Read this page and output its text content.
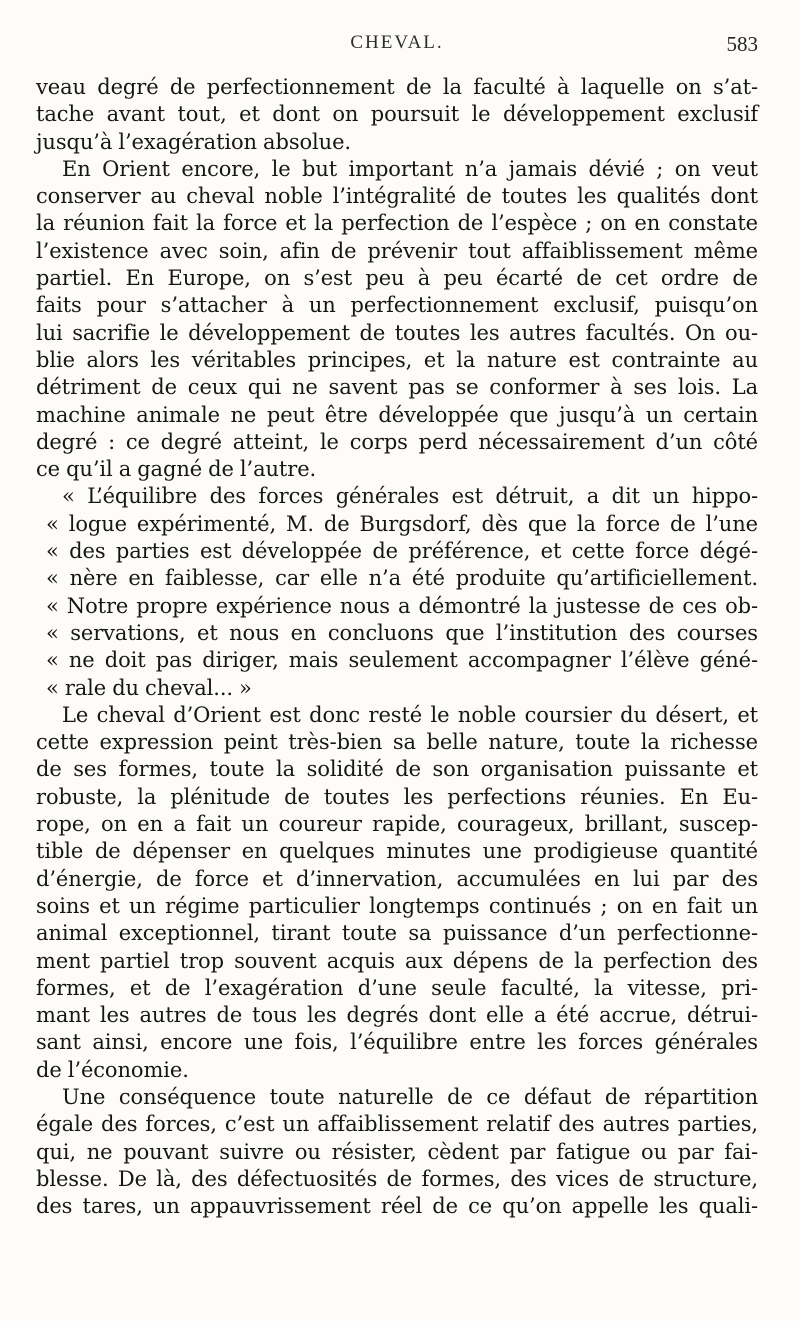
CHEVAL.	583
veau degré de perfectionnement de la faculté à laquelle on s’at-
tache avant tout, et dont on poursuit le développement exclusif
jusqu’à l’exagération absolue.
En Orient encore, le but important n’a jamais dévié ; on veut
conserver au cheval noble l’intégralité de toutes les qualités dont
la réunion fait la force et la perfection de l’espèce ; on en constate
l’existence avec soin, afin de prévenir tout affaiblissement même
partiel. En Europe, on s’est peu à peu écarté de cet ordre de
faits pour s’attacher à un perfectionnement exclusif, puisqu’on
lui sacrifie le développement de toutes les autres facultés. On ou-
blie alors les véritables principes, et la nature est contrainte au
détriment de ceux qui ne savent pas se conformer à ses lois. La
machine animale ne peut être développée que jusqu’à un certain
degré : ce degré atteint, le corps perd nécessairement d’un côté
ce qu’il a gagné de l’autre.
« L’équilibre des forces générales est détruit, a dit un hippo-
« logue expérimenté, M. de Burgsdorf, dès que la force de l’une
« des parties est développée de préférence, et cette force dégé-
« nère en faiblesse, car elle n’a été produite qu’artificiellement.
« Notre propre expérience nous a démontré la justesse de ces ob-
« servations, et nous en concluons que l’institution des courses
« ne doit pas diriger, mais seulement accompagner l’élève géné-
« rale du cheval... »
Le cheval d’Orient est donc resté le noble coursier du désert, et
cette expression peint très-bien sa belle nature, toute la richesse
de ses formes, toute la solidité de son organisation puissante et
robuste, la plénitude de toutes les perfections réunies. En Eu-
rope, on en a fait un coureur rapide, courageux, brillant, suscep-
tible de dépenser en quelques minutes une prodigieuse quantité
d’énergie, de force et d’innervation, accumulées en lui par des
soins et un régime particulier longtemps continués ; on en fait un
animal exceptionnel, tirant toute sa puissance d’un perfectionne-
ment partiel trop souvent acquis aux dépens de la perfection des
formes, et de l’exagération d’une seule faculté, la vitesse, pri-
mant les autres de tous les degrés dont elle a été accrue, détrui-
sant ainsi, encore une fois, l’équilibre entre les forces générales
de l’économie.
Une conséquence toute naturelle de ce défaut de répartition
égale des forces, c’est un affaiblissement relatif des autres parties,
qui, ne pouvant suivre ou résister, cèdent par fatigue ou par fai-
blesse. De là, des défectuosités de formes, des vices de structure,
des tares, un appauvrissement réel de ce qu’on appelle les quali-
